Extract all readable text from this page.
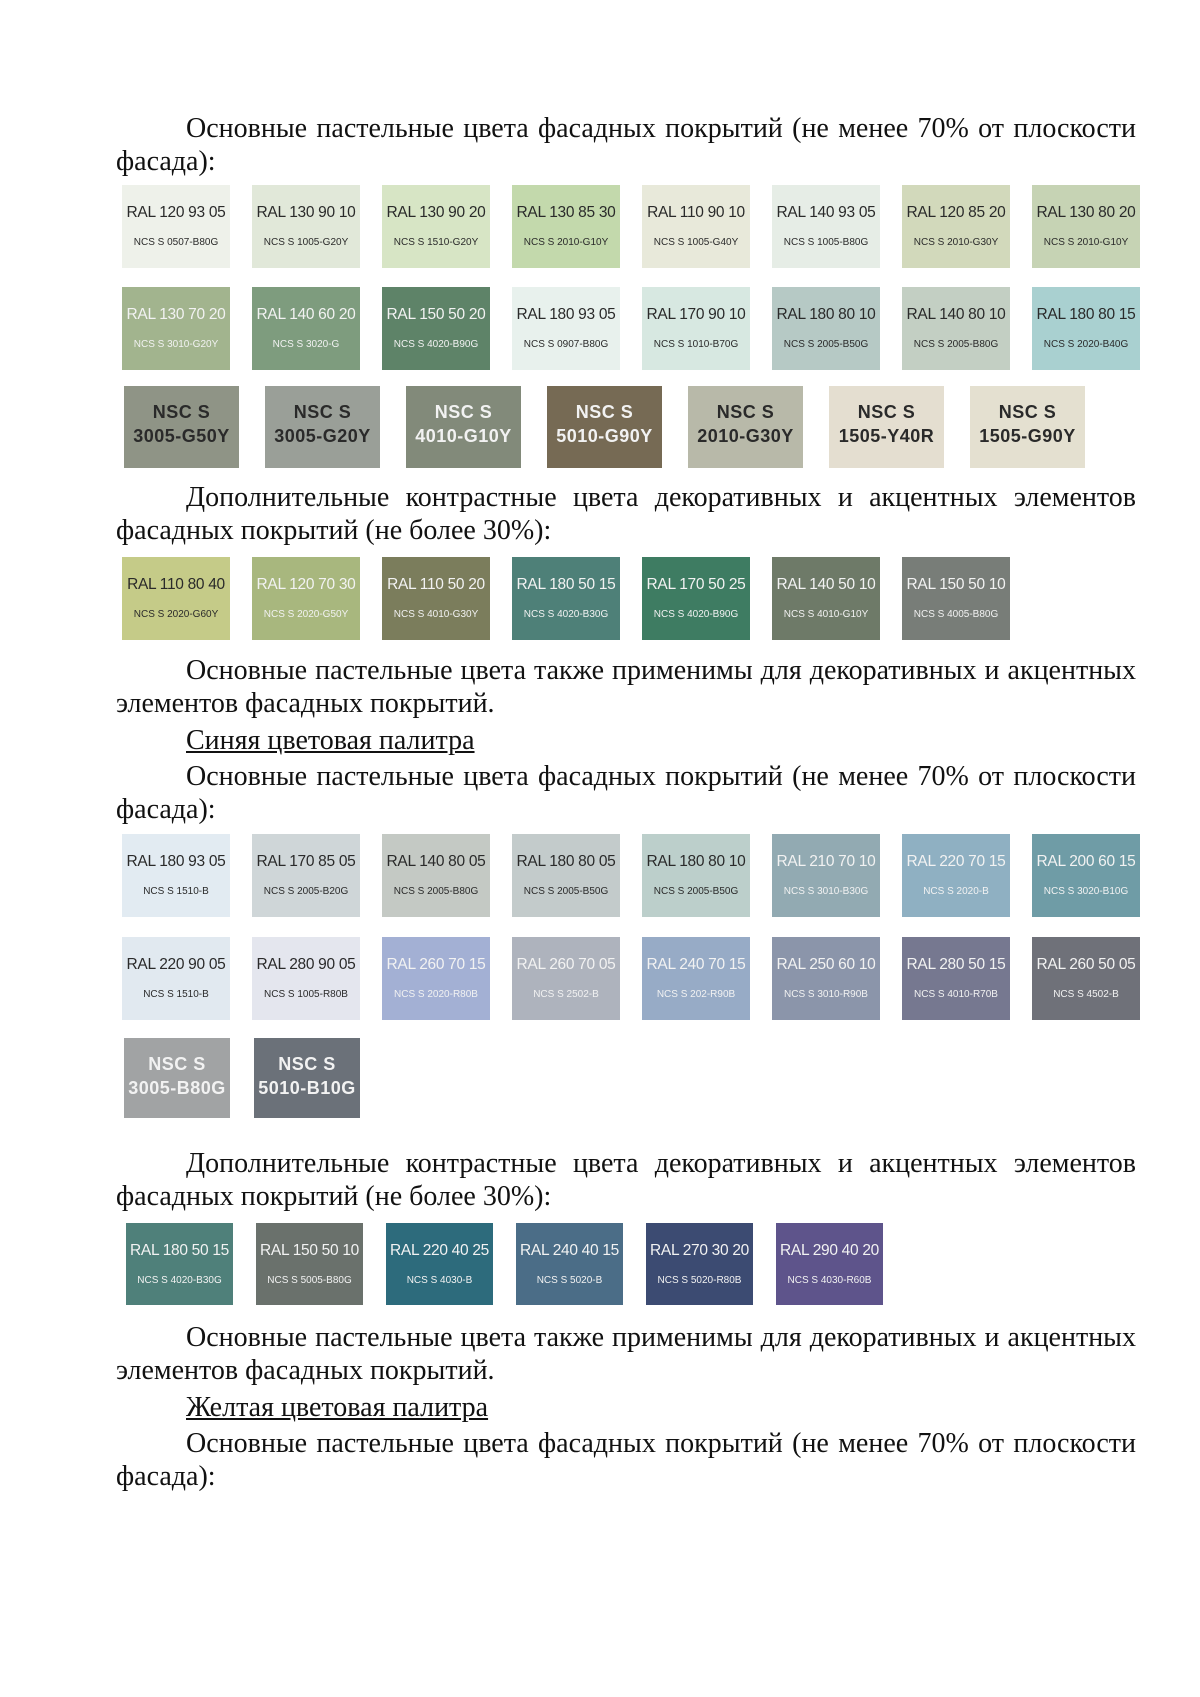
Основные пастельные цвета фасадных покрытий (не менее 70% от плоскости фасада):

RAL 120 93 05
NCS S 0507-B80G
RAL 130 90 10
NCS S 1005-G20Y
RAL 130 90 20
NCS S 1510-G20Y
RAL 130 85 30
NCS S 2010-G10Y
RAL 110 90 10
NCS S 1005-G40Y
RAL 140 93 05
NCS S 1005-B80G
RAL 120 85 20
NCS S 2010-G30Y
RAL 130 80 20
NCS S 2010-G10Y
RAL 130 70 20
NCS S 3010-G20Y
RAL 140 60 20
NCS S 3020-G
RAL 150 50 20
NCS S 4020-B90G
RAL 180 93 05
NCS S 0907-B80G
RAL 170 90 10
NCS S 1010-B70G
RAL 180 80 10
NCS S 2005-B50G
RAL 140 80 10
NCS S 2005-B80G
RAL 180 80 15
NCS S 2020-B40G
NSC S
3005-G50Y
NSC S
3005-G20Y
NSC S
4010-G10Y
NSC S
5010-G90Y
NSC S
2010-G30Y
NSC S
1505-Y40R
NSC S
1505-G90Y

Дополнительные контрастные цвета декоративных и акцентных элементов фасадных покрытий (не более 30%):

RAL 110 80 40
NCS S 2020-G60Y
RAL 120 70 30
NCS S 2020-G50Y
RAL 110 50 20
NCS S 4010-G30Y
RAL 180 50 15
NCS S 4020-B30G
RAL 170 50 25
NCS S 4020-B90G
RAL 140 50 10
NCS S 4010-G10Y
RAL 150 50 10
NCS S 4005-B80G

Основные пастельные цвета также применимы для декоративных и акцентных элементов фасадных покрытий.

Синяя цветовая палитра

Основные пастельные цвета фасадных покрытий (не менее 70% от плоскости фасада):

RAL 180 93 05
NCS S 1510-B
RAL 170 85 05
NCS S 2005-B20G
RAL 140 80 05
NCS S 2005-B80G
RAL 180 80 05
NCS S 2005-B50G
RAL 180 80 10
NCS S 2005-B50G
RAL 210 70 10
NCS S 3010-B30G
RAL 220 70 15
NCS S 2020-B
RAL 200 60 15
NCS S 3020-B10G
RAL 220 90 05
NCS S 1510-B
RAL 280 90 05
NCS S 1005-R80B
RAL 260 70 15
NCS S 2020-R80B
RAL 260 70 05
NCS S 2502-B
RAL 240 70 15
NCS S 202-R90B
RAL 250 60 10
NCS S 3010-R90B
RAL 280 50 15
NCS S 4010-R70B
RAL 260 50 05
NCS S 4502-B
NSC S
3005-B80G
NSC S
5010-B10G

Дополнительные контрастные цвета декоративных и акцентных элементов фасадных покрытий (не более 30%):

RAL 180 50 15
NCS S 4020-B30G
RAL 150 50 10
NCS S 5005-B80G
RAL 220 40 25
NCS S 4030-B
RAL 240 40 15
NCS S 5020-B
RAL 270 30 20
NCS S 5020-R80B
RAL 290 40 20
NCS S 4030-R60B

Основные пастельные цвета также применимы для декоративных и акцентных элементов фасадных покрытий.

Желтая цветовая палитра

Основные пастельные цвета фасадных покрытий (не менее 70% от плоскости фасада):
